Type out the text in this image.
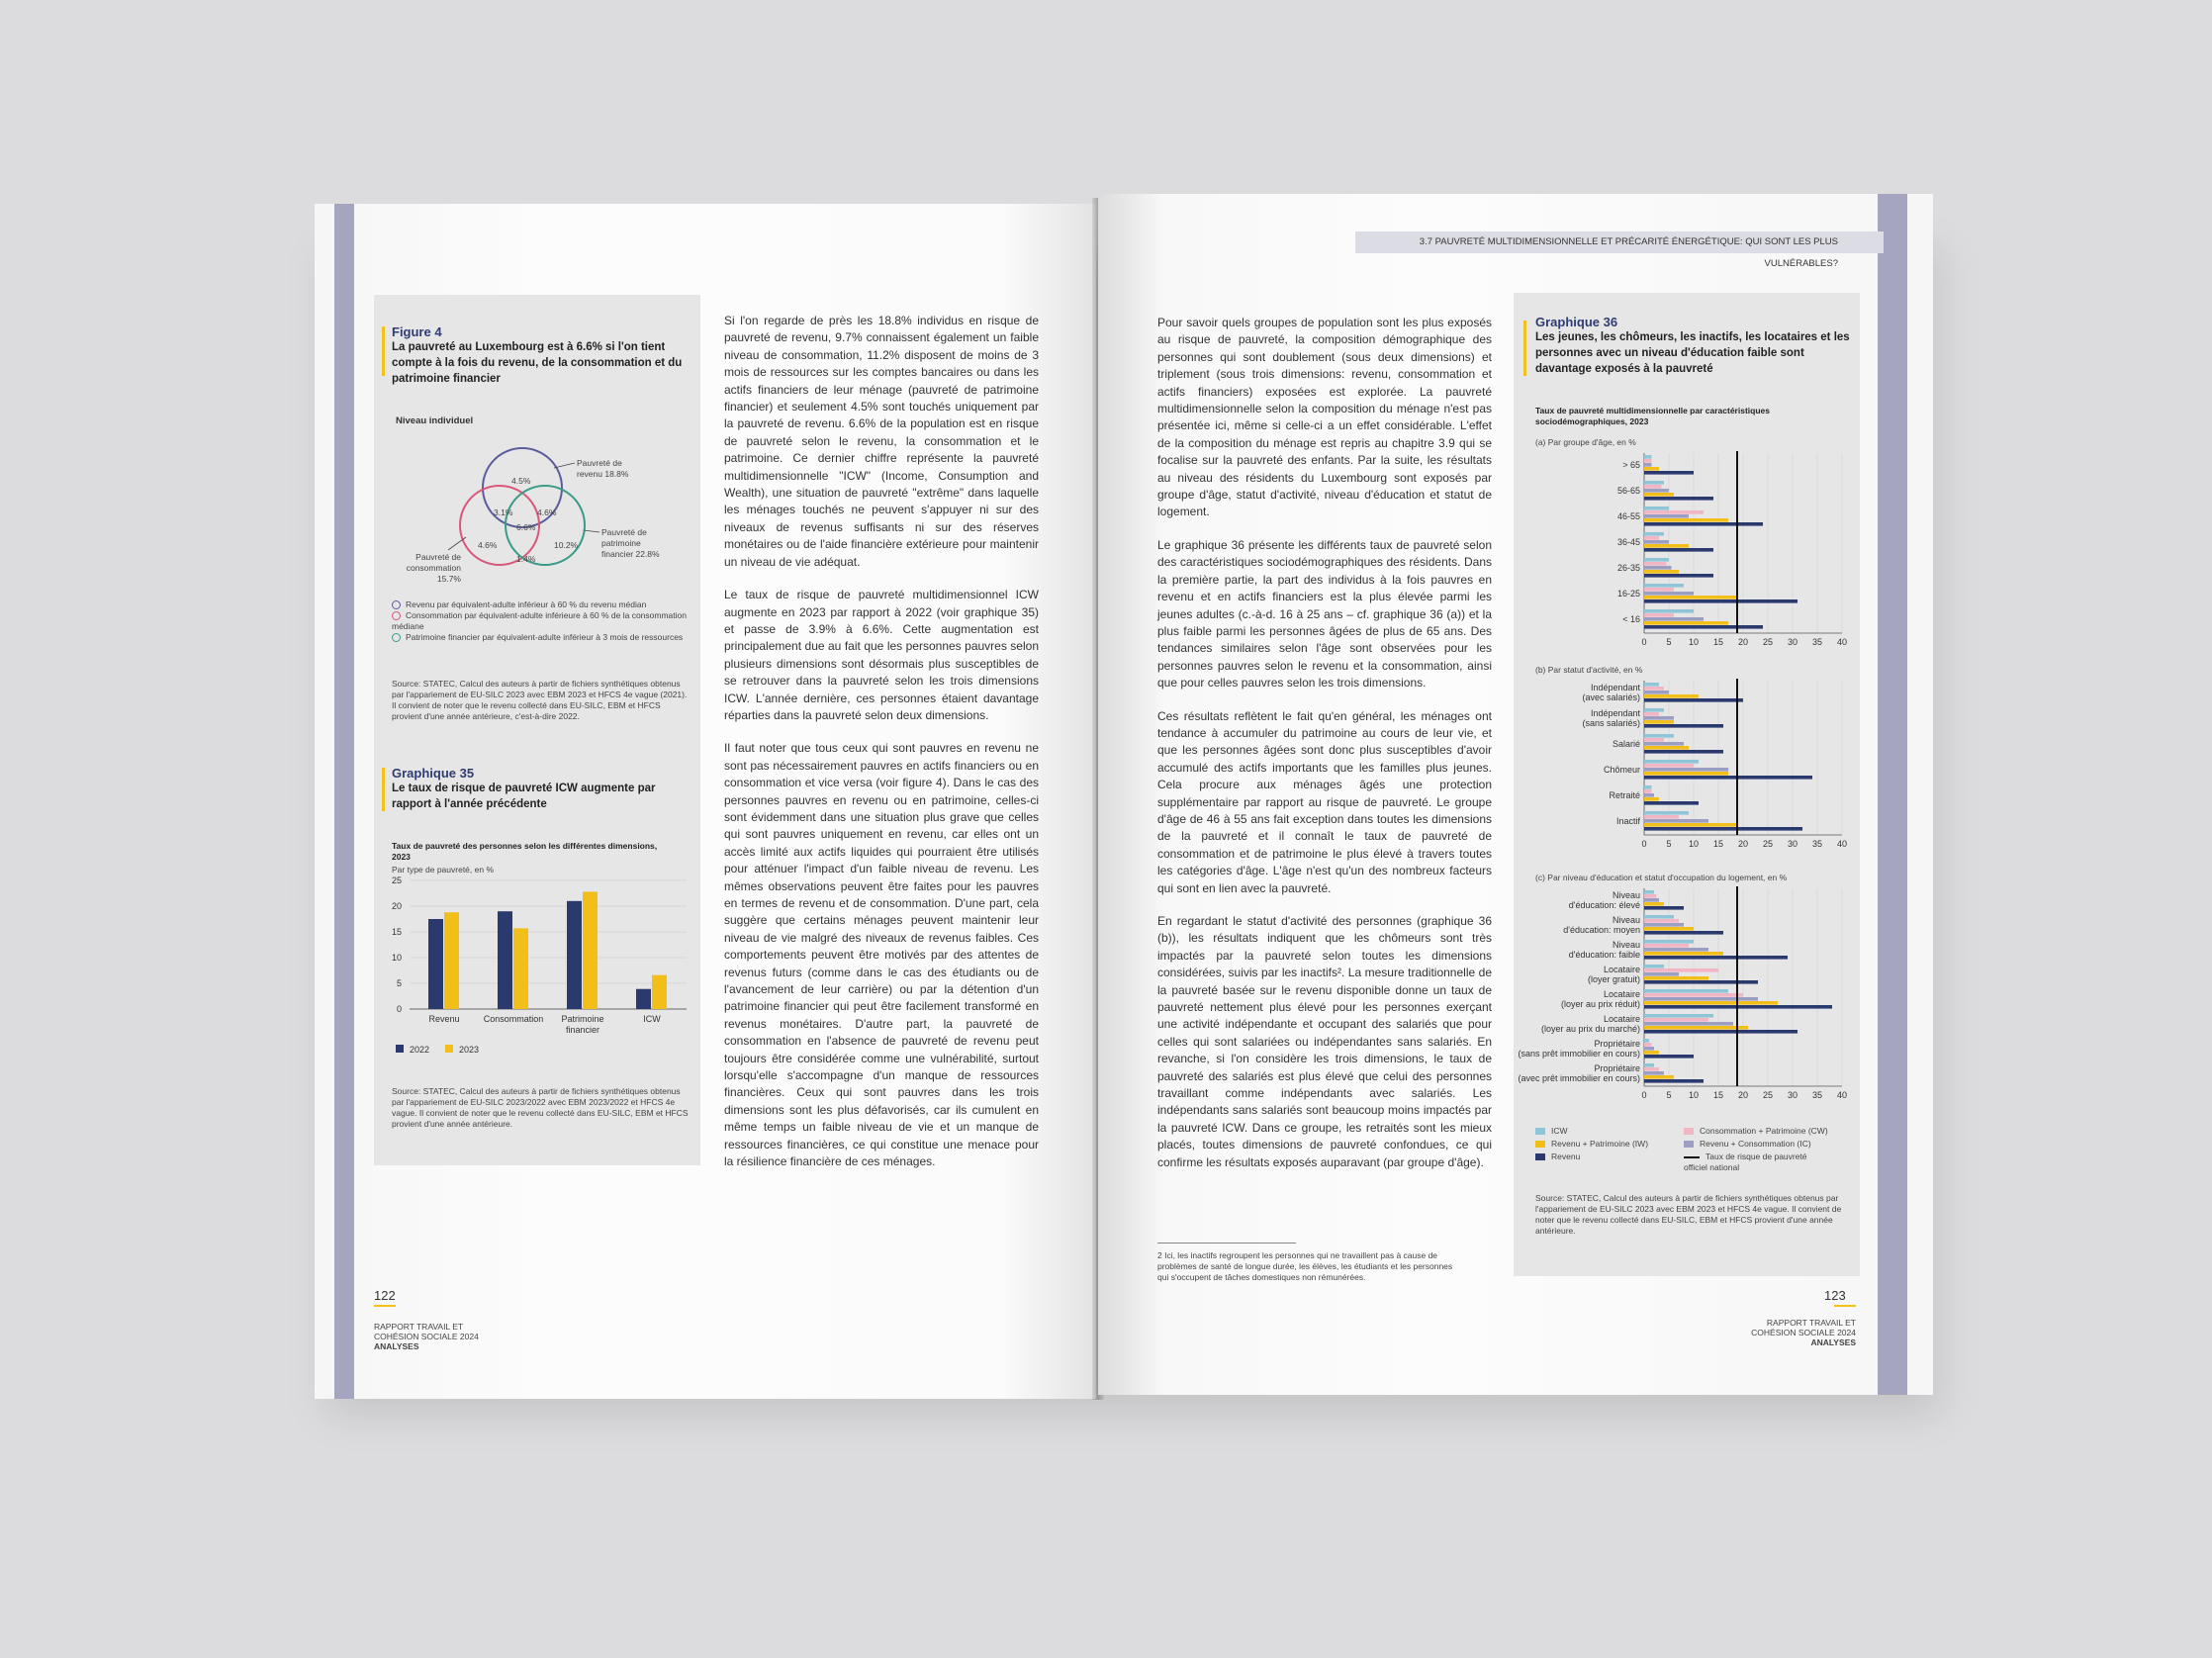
Figure 4
La pauvreté au Luxembourg est à 6.6% si l'on tient compte à la fois du revenu, de la consommation et du patrimoine financier
Niveau individuel
4.5%
3.1%	4.6%
6.6%
4.6%	10.2%
1.4%
Pauvreté de revenu 18.8%
Pauvreté de patrimoine financier 22.8%
Pauvreté de consommation 15.7%
Revenu par équivalent-adulte inférieur à 60 % du revenu médian
Consommation par équivalent-adulte inférieure à 60 % de la consommation médiane
Patrimoine financier par équivalent-adulte inférieur à 3 mois de ressources
Source: STATEC, Calcul des auteurs à partir de fichiers synthétiques obtenus par l'appariement de EU-SILC 2023 avec EBM 2023 et HFCS 4e vague (2021). Il convient de noter que le revenu collecté dans EU-SILC, EBM et HFCS provient d'une année antérieure, c'est-à-dire 2022.
Graphique 35
Le taux de risque de pauvreté ICW augmente par rapport à l'année précédente
Taux de pauvreté des personnes selon les différentes dimensions, 2023
Par type de pauvreté, en %
0
5
10
15
20
25
Revenu	Consommation Patrimoine
financier
ICW
2022	2023
Source: STATEC, Calcul des auteurs à partir de fichiers synthétiques obtenus par l'appariement de EU-SILC 2023/2022 avec EBM 2023/2022 et HFCS 4e vague. Il convient de noter que le revenu collecté dans EU-SILC, EBM et HFCS provient d'une année antérieure.

Si l'on regarde de près les 18.8% individus en risque de pauvreté de revenu, 9.7% connaissent également un faible niveau de consommation, 11.2% disposent de moins de 3 mois de ressources sur les comptes bancaires ou dans les actifs financiers de leur ménage (pauvreté de patrimoine financier) et seulement 4.5% sont touchés uniquement par la pauvreté de revenu. 6.6% de la population est en risque de pauvreté selon le revenu, la consommation et le patrimoine. Ce dernier chiffre représente la pauvreté multidimensionnelle "ICW" (Income, Consumption and Wealth), une situation de pauvreté "extrême" dans laquelle les ménages touchés ne peuvent s'appuyer ni sur des niveaux de revenus suffisants ni sur des réserves monétaires ou de l'aide financière extérieure pour maintenir un niveau de vie adéquat.

Le taux de risque de pauvreté multidimensionnel ICW augmente en 2023 par rapport à 2022 (voir graphique 35) et passe de 3.9% à 6.6%. Cette augmentation est principalement due au fait que les personnes pauvres selon plusieurs dimensions sont désormais plus susceptibles de se retrouver dans la pauvreté selon les trois dimensions ICW. L'année dernière, ces personnes étaient davantage réparties dans la pauvreté selon deux dimensions.

Il faut noter que tous ceux qui sont pauvres en revenu ne sont pas nécessairement pauvres en actifs financiers ou en consommation et vice versa (voir figure 4). Dans le cas des personnes pauvres en revenu ou en patrimoine, celles-ci sont évidemment dans une situation plus grave que celles qui sont pauvres uniquement en revenu, car elles ont un accès limité aux actifs liquides qui pourraient être utilisés pour atténuer l'impact d'un faible niveau de revenu. Les mêmes observations peuvent être faites pour les pauvres en termes de revenu et de consommation. D'une part, cela suggère que certains ménages peuvent maintenir leur niveau de vie malgré des niveaux de revenus faibles. Ces comportements peuvent être motivés par des attentes de revenus futurs (comme dans le cas des étudiants ou de l'avancement de leur carrière) ou par la détention d'un patrimoine financier qui peut être facilement transformé en revenus monétaires. D'autre part, la pauvreté de consommation en l'absence de pauvreté de revenu peut toujours être considérée comme une vulnérabilité, surtout lorsqu'elle s'accompagne d'un manque de ressources financières. Ceux qui sont pauvres dans les trois dimensions sont les plus défavorisés, car ils cumulent en même temps un faible niveau de vie et un manque de ressources financières, ce qui constitue une menace pour la résilience financière de ces ménages.

122
RAPPORT TRAVAIL ET
COHÉSION SOCIALE 2024
ANALYSES
3.7 PAUVRETÉ MULTIDIMENSIONNELLE ET PRÉCARITÉ ÉNERGÉTIQUE: QUI SONT LES PLUS VULNÉRABLES?

Pour savoir quels groupes de population sont les plus exposés au risque de pauvreté, la composition démographique des personnes qui sont doublement (sous deux dimensions) et triplement (sous trois dimensions: revenu, consommation et actifs financiers) exposées est explorée. La pauvreté multidimensionnelle selon la composition du ménage n'est pas présentée ici, même si celle-ci a un effet considérable. L'effet de la composition du ménage est repris au chapitre 3.9 qui se focalise sur la pauvreté des enfants. Par la suite, les résultats au niveau des résidents du Luxembourg sont exposés par groupe d'âge, statut d'activité, niveau d'éducation et statut de logement.

Le graphique 36 présente les différents taux de pauvreté selon des caractéristiques sociodémographiques des résidents. Dans la première partie, la part des individus à la fois pauvres en revenu et en actifs financiers est la plus élevée parmi les jeunes adultes (c.-à-d. 16 à 25 ans – cf. graphique 36 (a)) et la plus faible parmi les personnes âgées de plus de 65 ans. Des tendances similaires selon l'âge sont observées pour les personnes pauvres selon le revenu et la consommation, ainsi que pour celles pauvres selon les trois dimensions.

Ces résultats reflètent le fait qu'en général, les ménages ont tendance à accumuler du patrimoine au cours de leur vie, et que les personnes âgées sont donc plus susceptibles d'avoir accumulé des actifs importants que les familles plus jeunes. Cela procure aux ménages âgés une protection supplémentaire par rapport au risque de pauvreté. Le groupe d'âge de 46 à 55 ans fait exception dans toutes les dimensions de la pauvreté et il connaît le taux de pauvreté de consommation et de patrimoine le plus élevé à travers toutes les catégories d'âge. L'âge n'est qu'un des nombreux facteurs qui sont en lien avec la pauvreté.

En regardant le statut d'activité des personnes (graphique 36 (b)), les résultats indiquent que les chômeurs sont très impactés par la pauvreté selon toutes les dimensions considérées, suivis par les inactifs². La mesure traditionnelle de la pauvreté basée sur le revenu disponible donne un taux de pauvreté nettement plus élevé pour les personnes exerçant une activité indépendante et occupant des salariés que pour celles qui sont salariées ou indépendantes sans salariés. En revanche, si l'on considère les trois dimensions, le taux de pauvreté des salariés est plus élevé que celui des personnes travaillant comme indépendants avec salariés. Les indépendants sans salariés sont beaucoup moins impactés par la pauvreté ICW. Dans ce groupe, les retraités sont les mieux placés, toutes dimensions de pauvreté confondues, ce qui confirme les résultats exposés auparavant (par groupe d'âge).

2 Ici, les inactifs regroupent les personnes qui ne travaillent pas à cause de problèmes de santé de longue durée, les élèves, les étudiants et les personnes qui s'occupent de tâches domestiques non rémunérées.
Graphique 36
Les jeunes, les chômeurs, les inactifs, les locataires et les personnes avec un niveau d'éducation faible sont davantage exposés à la pauvreté
Taux de pauvreté multidimensionnelle par caractéristiques sociodémographiques, 2023
(a) Par groupe d'âge, en %
0 5 10 15 20 25 30 35 40
> 65
56-65
46-55
36-45
26-35
16-25
< 16
(b) Par statut d'activité, en %
0 5 10 15 20 25 30 35 40
Indépendant
(avec salariés)
Indépendant
(sans salariés)
Salarié
Chômeur
Retraité
Inactif
(c) Par niveau d'éducation et statut d'occupation du logement, en %
0 5 10 15 20 25 30 35 40
Niveau
d'éducation: élevé
Niveau
d'éducation: moyen
Niveau
d'éducation: faible
Locataire
(loyer gratuit)
Locataire
(loyer au prix réduit)
Locataire
(loyer au prix du marché)
Propriétaire
(sans prêt immobilier en cours)
Propriétaire
(avec prêt immobilier en cours)
ICW
Revenu + Patrimoine (IW)
Revenu
Consommation + Patrimoine (CW)
Revenu + Consommation (IC)
Taux de risque de pauvreté officiel national
Source: STATEC, Calcul des auteurs à partir de fichiers synthétiques obtenus par l'appariement de EU-SILC 2023 avec EBM 2023 et HFCS 4e vague. Il convient de noter que le revenu collecté dans EU-SILC, EBM et HFCS provient d'une année antérieure.
123
RAPPORT TRAVAIL ET
COHÉSION SOCIALE 2024
ANALYSES
